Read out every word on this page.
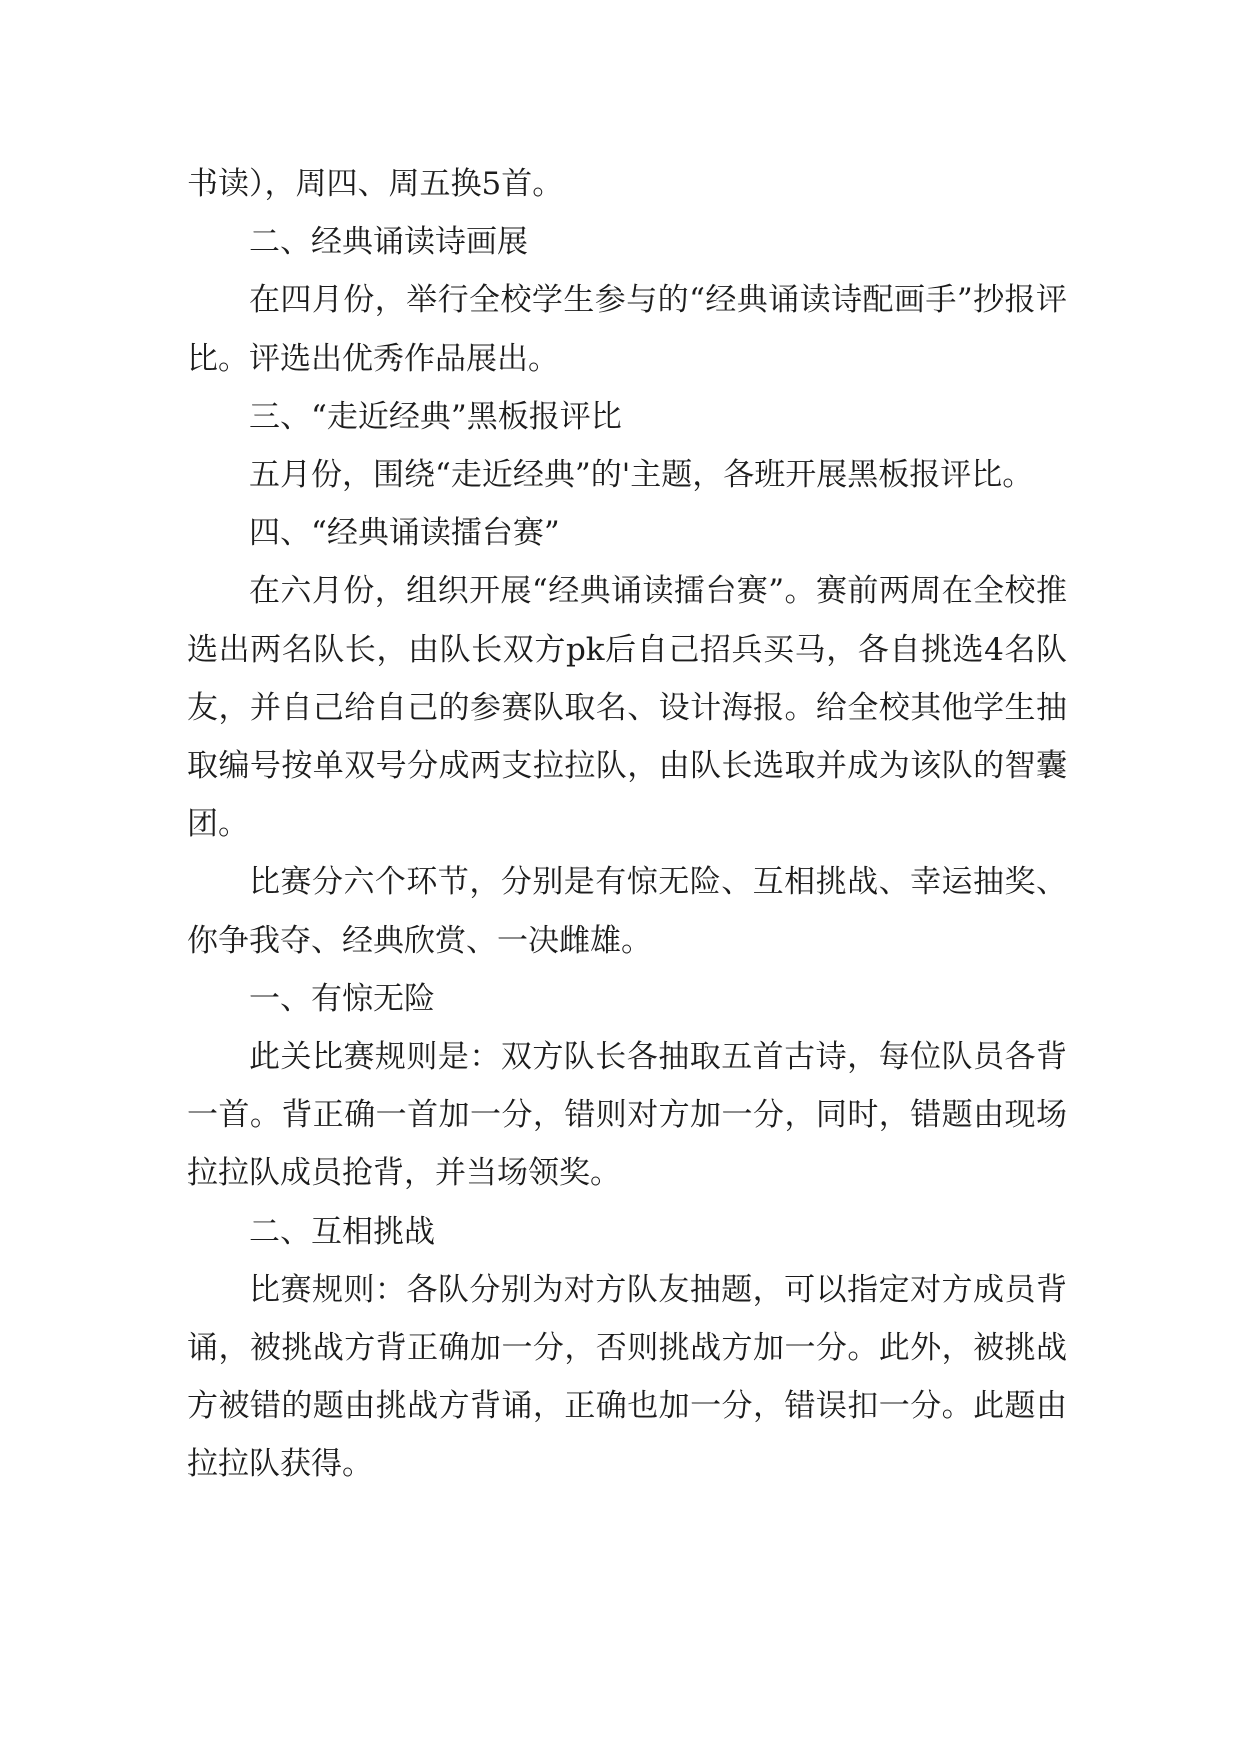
书读），周四、周五换5首。

二、经典诵读诗画展

在四月份，举行全校学生参与的“经典诵读诗配画手”抄报评比。评选出优秀作品展出。

三、“走近经典”黑板报评比

五月份，围绕“走近经典”的'主题，各班开展黑板报评比。

四、“经典诵读擂台赛”

在六月份，组织开展“经典诵读擂台赛”。赛前两周在全校推选出两名队长，由队长双方pk后自己招兵买马，各自挑选4名队友，并自己给自己的参赛队取名、设计海报。给全校其他学生抽取编号按单双号分成两支拉拉队，由队长选取并成为该队的智囊团。

比赛分六个环节，分别是有惊无险、互相挑战、幸运抽奖、你争我夺、经典欣赏、一决雌雄。

一、有惊无险

此关比赛规则是：双方队长各抽取五首古诗，每位队员各背一首。背正确一首加一分，错则对方加一分，同时，错题由现场拉拉队成员抢背，并当场领奖。

二、互相挑战

比赛规则：各队分别为对方队友抽题，可以指定对方成员背诵，被挑战方背正确加一分，否则挑战方加一分。此外，被挑战方被错的题由挑战方背诵，正确也加一分，错误扣一分。此题由拉拉队获得。
